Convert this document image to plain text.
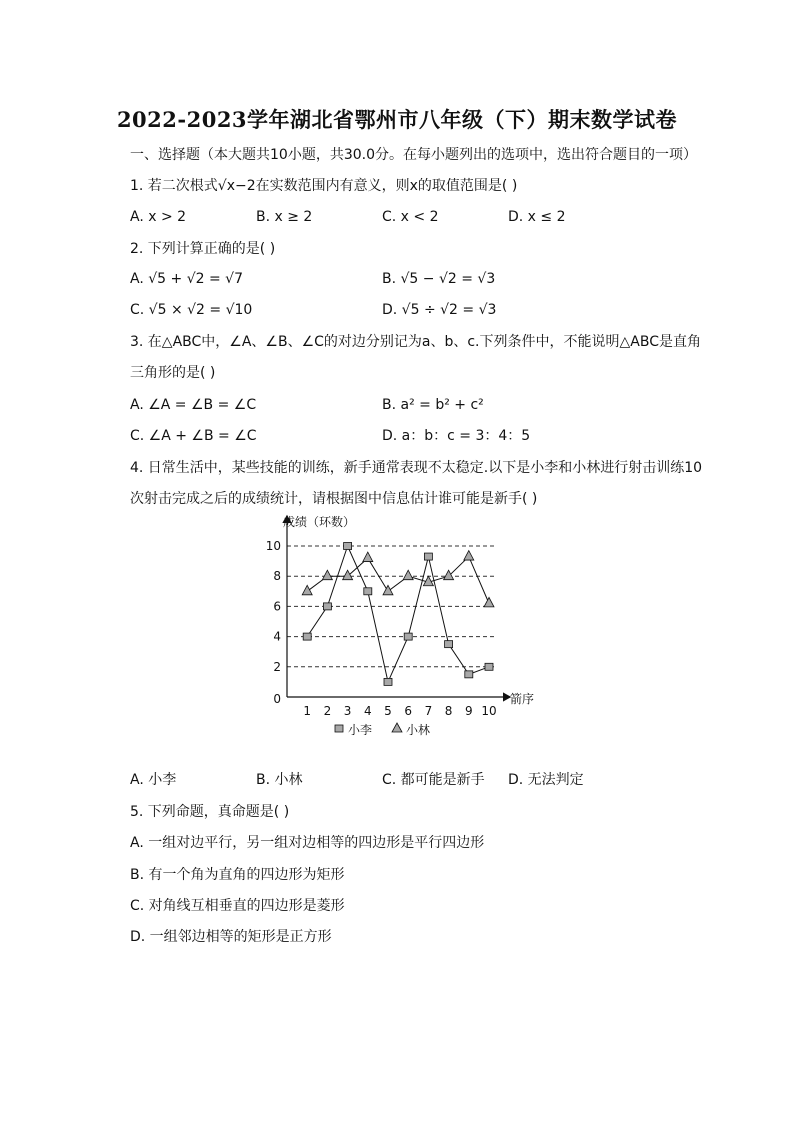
2022-2023学年湖北省鄂州市八年级（下）期末数学试卷
一、选择题（本大题共10小题，共30.0分。在每小题列出的选项中，选出符合题目的一项）
1. 若二次根式√x−2在实数范围内有意义，则x的取值范围是( )
A. x > 2	B. x ≥ 2	C. x < 2	D. x ≤ 2
2. 下列计算正确的是( )
A. √5 + √2 = √7	B. √5 − √2 = √3
C. √5 × √2 = √10	D. √5 ÷ √2 = √3
3. 在△ABC中，∠A、∠B、∠C的对边分别记为a、b、c.下列条件中，不能说明△ABC是直角
三角形的是( )
A. ∠A = ∠B = ∠C	B. a² = b² + c²
C. ∠A + ∠B = ∠C	D. a：b：c = 3：4：5
4. 日常生活中，某些技能的训练，新手通常表现不太稳定.以下是小李和小林进行射击训练10
次射击完成之后的成绩统计，请根据图中信息估计谁可能是新手( )
2
4
6
8
10
成绩（环数）
箭序
0
1 2 3 4 5 6 7 8 9 10
小李	小林
A. 小李	B. 小林	C. 都可能是新手 D. 无法判定
5. 下列命题，真命题是( )
A. 一组对边平行，另一组对边相等的四边形是平行四边形
B. 有一个角为直角的四边形为矩形
C. 对角线互相垂直的四边形是菱形
D. 一组邻边相等的矩形是正方形
